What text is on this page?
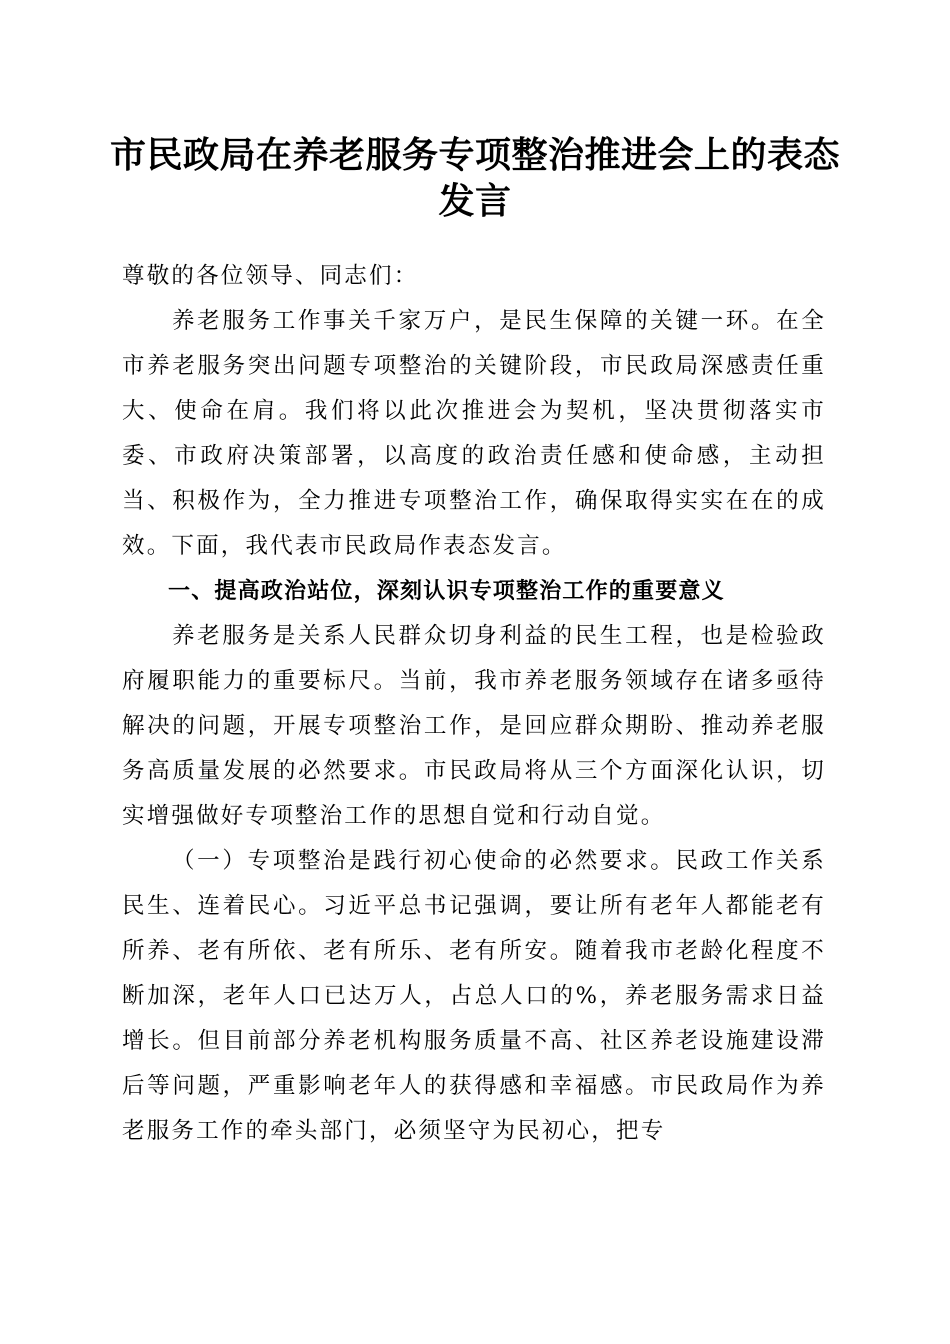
市民政局在养老服务专项整治推进会上的表态发言

尊敬的各位领导、同志们：

养老服务工作事关千家万户，是民生保障的关键一环。在全市养老服务突出问题专项整治的关键阶段，市民政局深感责任重大、使命在肩。我们将以此次推进会为契机，坚决贯彻落实市委、市政府决策部署，以高度的政治责任感和使命感，主动担当、积极作为，全力推进专项整治工作，确保取得实实在在的成效。下面，我代表市民政局作表态发言。

一、提高政治站位，深刻认识专项整治工作的重要意义

养老服务是关系人民群众切身利益的民生工程，也是检验政府履职能力的重要标尺。当前，我市养老服务领域存在诸多亟待解决的问题，开展专项整治工作，是回应群众期盼、推动养老服务高质量发展的必然要求。市民政局将从三个方面深化认识，切实增强做好专项整治工作的思想自觉和行动自觉。

（一）专项整治是践行初心使命的必然要求。民政工作关系民生、连着民心。习近平总书记强调，要让所有老年人都能老有所养、老有所依、老有所乐、老有所安。随着我市老龄化程度不断加深，老年人口已达万人，占总人口的%，养老服务需求日益增长。但目前部分养老机构服务质量不高、社区养老设施建设滞后等问题，严重影响老年人的获得感和幸福感。市民政局作为养老服务工作的牵头部门，必须坚守为民初心，把专
